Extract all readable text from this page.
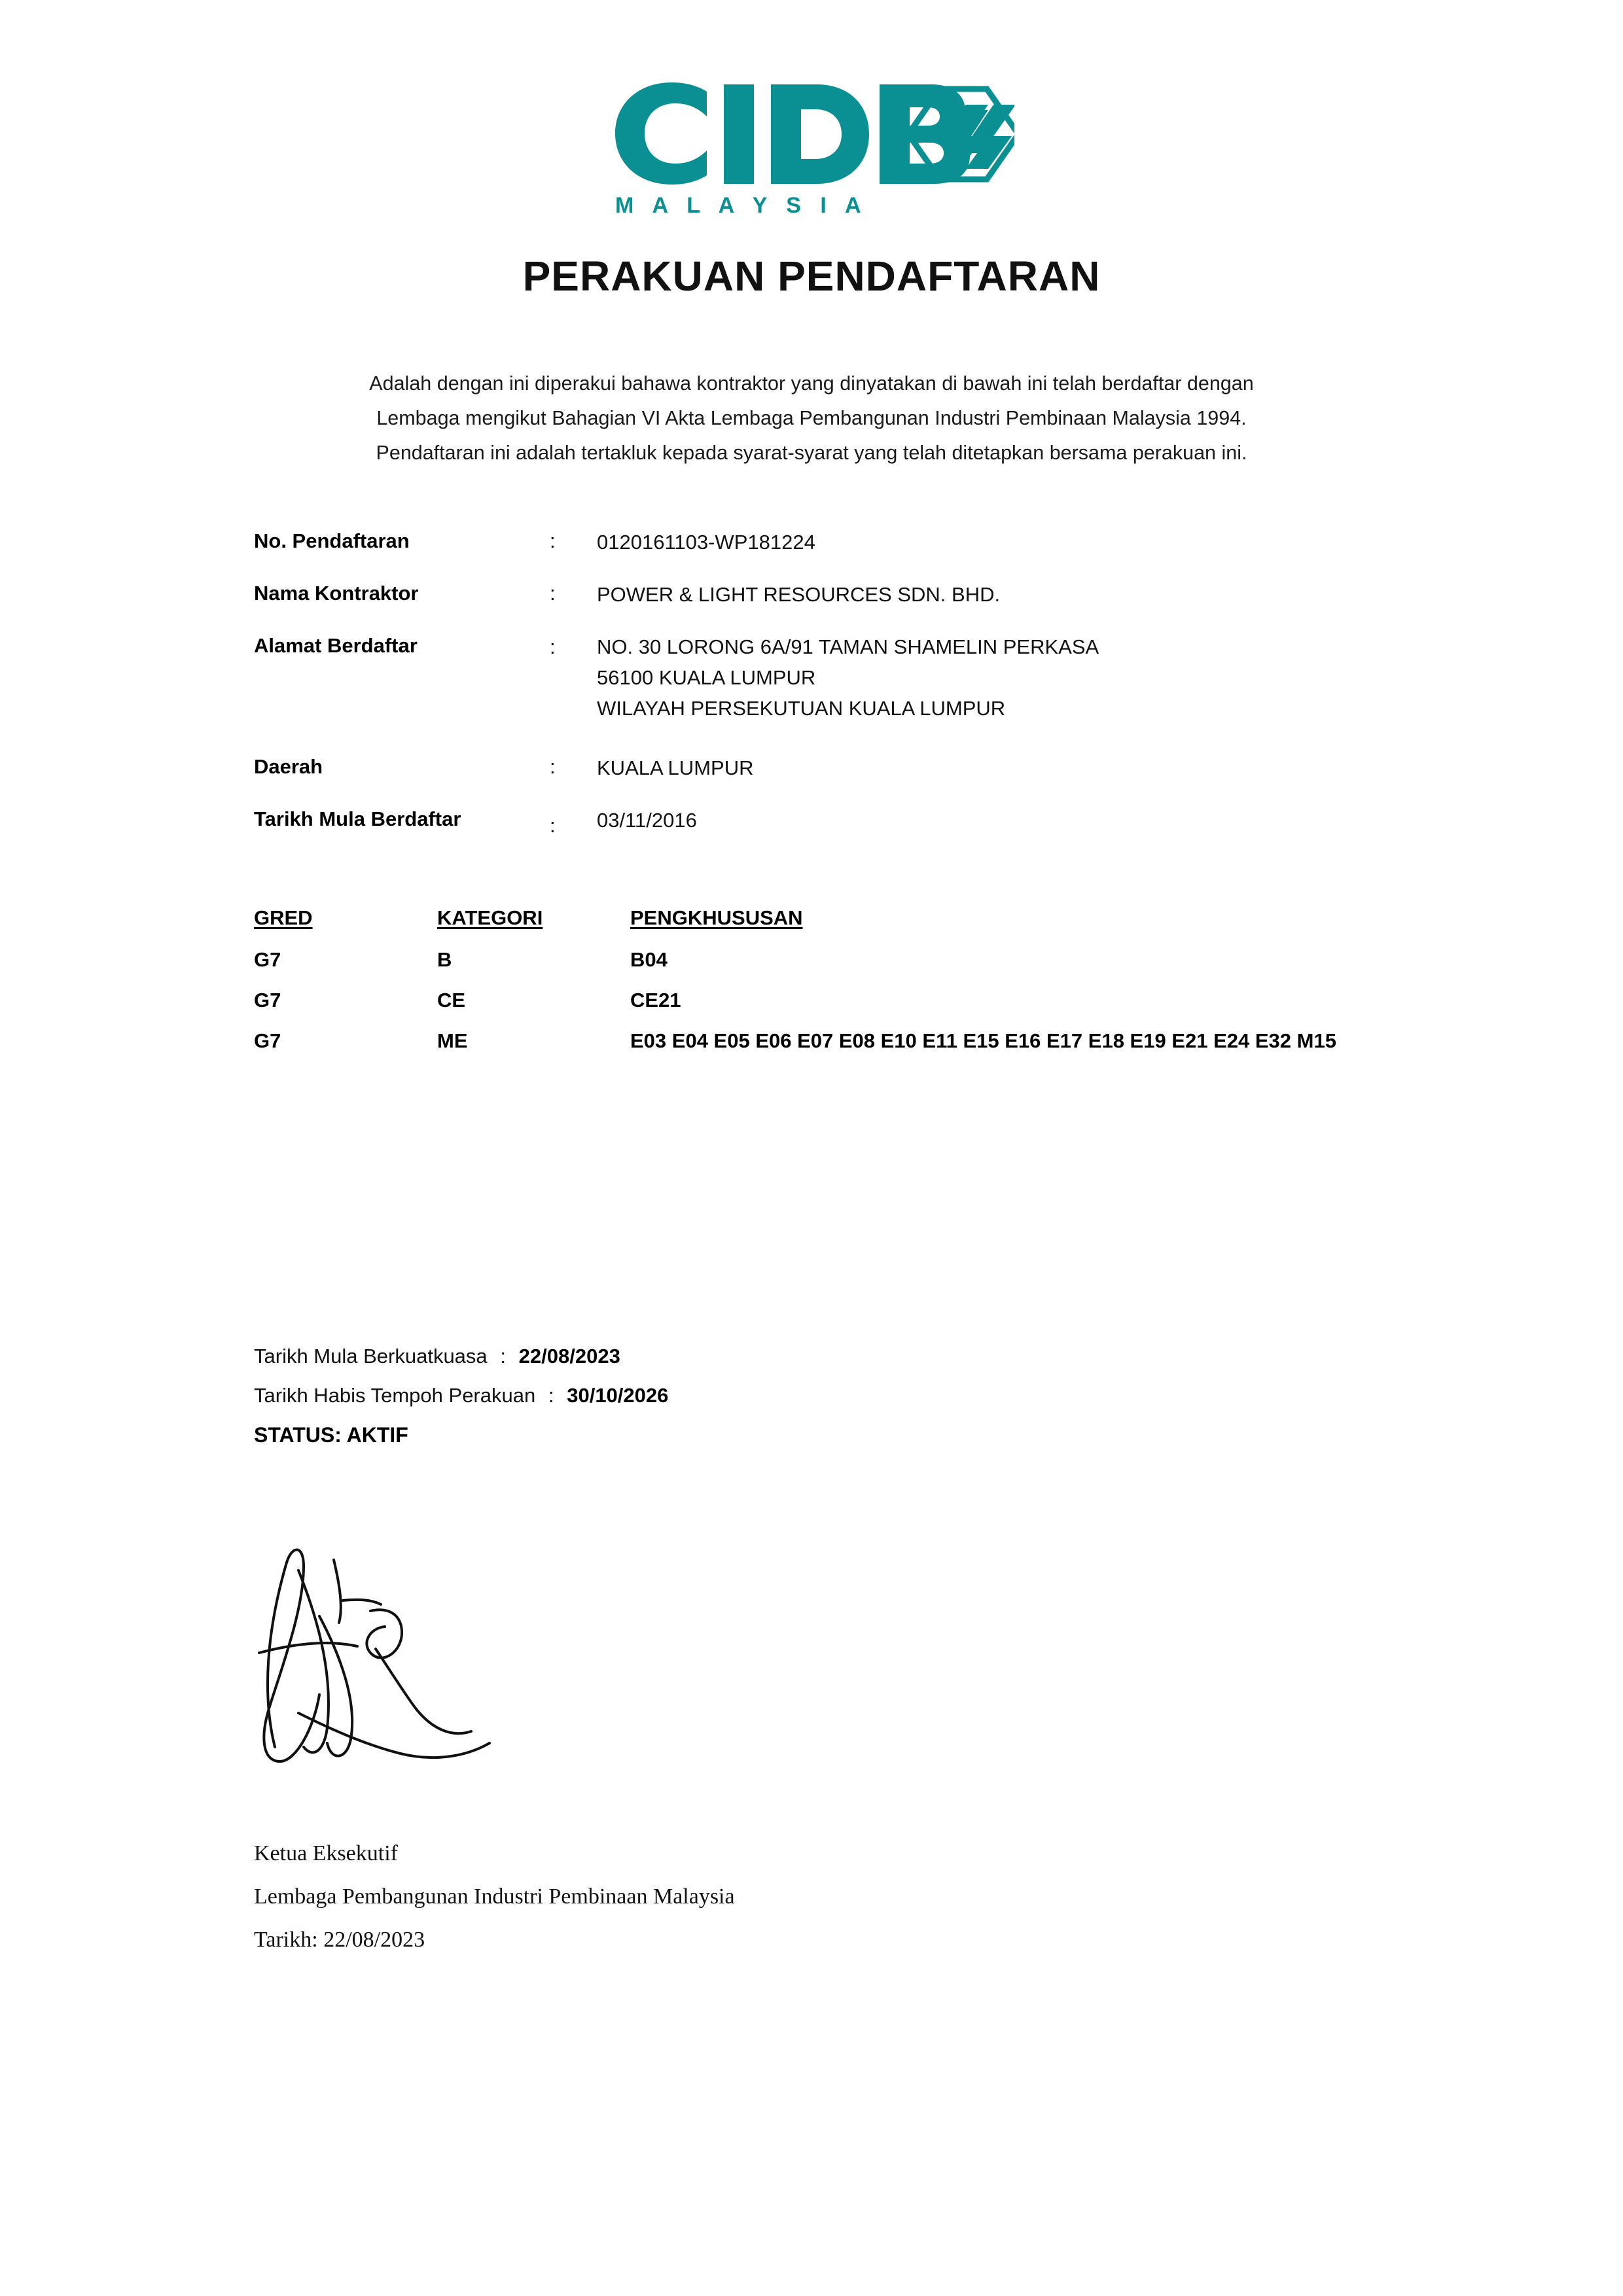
M A L A Y S I A
PERAKUAN PENDAFTARAN
Adalah dengan ini diperakui bahawa kontraktor yang dinyatakan di bawah ini telah berdaftar dengan
Lembaga mengikut Bahagian VI Akta Lembaga Pembangunan Industri Pembinaan Malaysia 1994.
Pendaftaran ini adalah tertakluk kepada syarat-syarat yang telah ditetapkan bersama perakuan ini.
No. Pendaftaran	:	0120161103-WP181224
Nama Kontraktor	:	POWER & LIGHT RESOURCES SDN. BHD.
Alamat Berdaftar	:	NO. 30 LORONG 6A/91 TAMAN SHAMELIN PERKASA
56100 KUALA LUMPUR
WILAYAH PERSEKUTUAN KUALA LUMPUR
Daerah	:	KUALA LUMPUR
Tarikh Mula Berdaftar	:	03/11/2016
GRED	KATEGORI	PENGKHUSUSAN
G7	B	B04
G7	CE	CE21
G7	ME	E03 E04 E05 E06 E07 E08 E10 E11 E15 E16 E17 E18 E19 E21 E24 E32 M15
Tarikh Mula Berkuatkuasa : 22/08/2023
Tarikh Habis Tempoh Perakuan : 30/10/2026
STATUS: AKTIF
Ketua Eksekutif
Lembaga Pembangunan Industri Pembinaan Malaysia
Tarikh: 22/08/2023
